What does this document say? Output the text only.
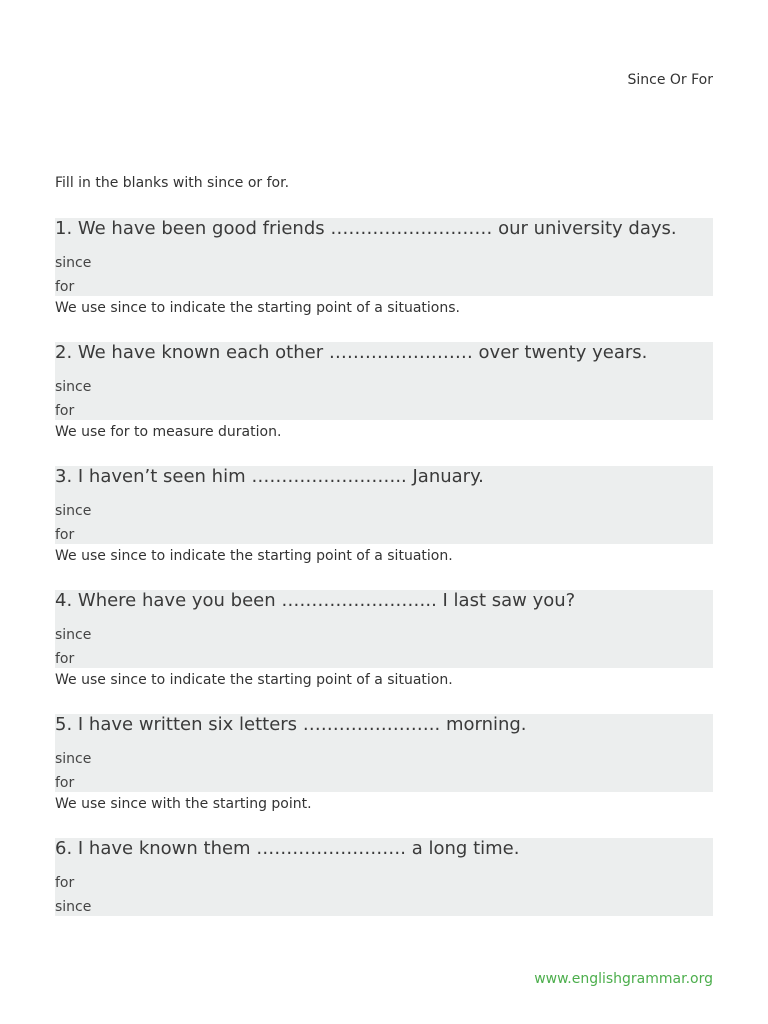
Since Or For
Fill in the blanks with since or for.
1. We have been good friends ……………………… our university days.
since
for
We use since to indicate the starting point of a situations.
2. We have known each other …………………… over twenty years.
since
for
We use for to measure duration.
3. I haven’t seen him …………………….. January.
since
for
We use since to indicate the starting point of a situation.
4. Where have you been …………………….. I last saw you?
since
for
We use since to indicate the starting point of a situation.
5. I have written six letters ………………….. morning.
since
for
We use since with the starting point.
6. I have known them ……………………. a long time.
for
since
www.englishgrammar.org
